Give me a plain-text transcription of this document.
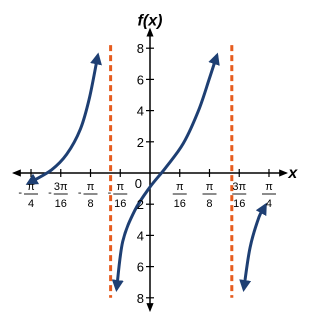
8
6
4
2
2
4
6
8
π
4
-	3π
16
-	π
8
-	π
16
-	π
16
π
8
3π
16
π
4
0
x
f(x)
